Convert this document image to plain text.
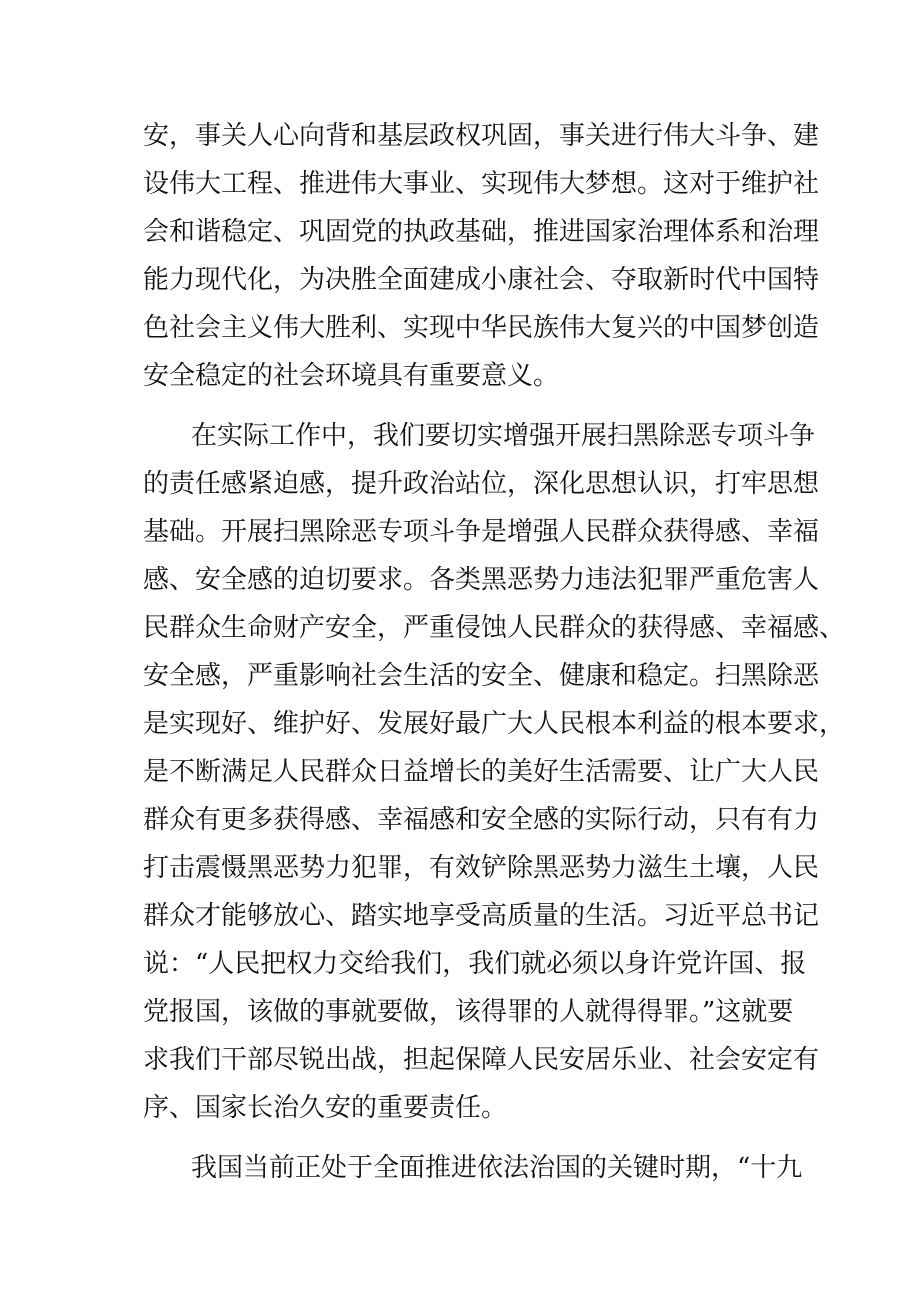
安，事关人心向背和基层政权巩固，事关进行伟大斗争、建
设伟大工程、推进伟大事业、实现伟大梦想。这对于维护社
会和谐稳定、巩固党的执政基础，推进国家治理体系和治理
能力现代化，为决胜全面建成小康社会、夺取新时代中国特
色社会主义伟大胜利、实现中华民族伟大复兴的中国梦创造
安全稳定的社会环境具有重要意义。
在实际工作中，我们要切实增强开展扫黑除恶专项斗争
的责任感紧迫感，提升政治站位，深化思想认识，打牢思想
基础。开展扫黑除恶专项斗争是增强人民群众获得感、幸福
感、安全感的迫切要求。各类黑恶势力违法犯罪严重危害人
民群众生命财产安全，严重侵蚀人民群众的获得感、幸福感、
安全感，严重影响社会生活的安全、健康和稳定。扫黑除恶
是实现好、维护好、发展好最广大人民根本利益的根本要求，
是不断满足人民群众日益增长的美好生活需要、让广大人民
群众有更多获得感、幸福感和安全感的实际行动，只有有力
打击震慑黑恶势力犯罪，有效铲除黑恶势力滋生土壤，人民
群众才能够放心、踏实地享受高质量的生活。习近平总书记
说：“人民把权力交给我们，我们就必须以身许党许国、报
党报国，该做的事就要做，该得罪的人就得得罪。”这就要
求我们干部尽锐出战，担起保障人民安居乐业、社会安定有
序、国家长治久安的重要责任。
我国当前正处于全面推进依法治国的关键时期，“十九
